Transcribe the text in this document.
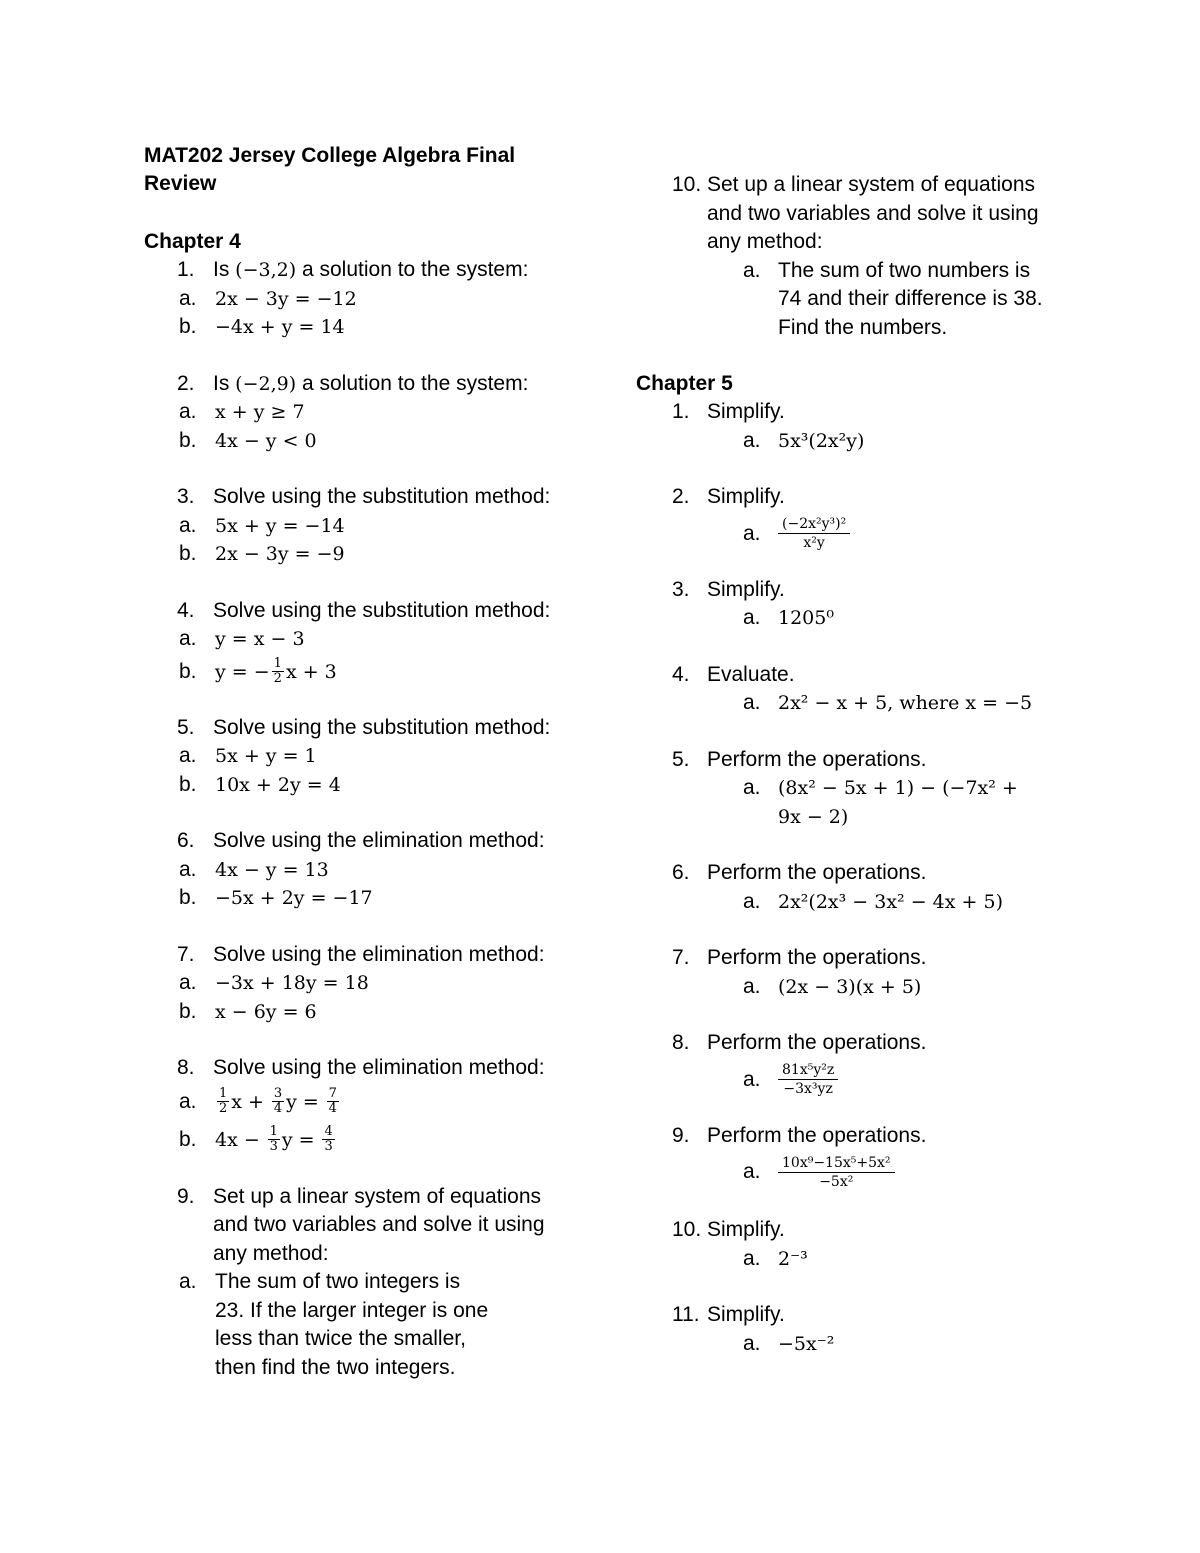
MAT202 Jersey College Algebra Final
Review

Chapter 4

1. Is (−3,2) a solution to the system:
a. 2x − 3y = −12
b. −4x + y = 14
2. Is (−2,9) a solution to the system:
a. x + y ≥ 7
b. 4x − y < 0
3. Solve using the substitution method:
a. 5x + y = −14
b. 2x − 3y = −9
4. Solve using the substitution method:
a. y = x − 3
b. y = − $\frac{1}{2}$ x + 3
5. Solve using the substitution method:
a. 5x + y = 1
b. 10x + 2y = 4
6. Solve using the elimination method:
a. 4x − y = 13
b. −5x + 2y = −17
7. Solve using the elimination method:
a. −3x + 18y = 18
b. x − 6y = 6
8. Solve using the elimination method:
a. $\frac{1}{2}$ $x + \frac{3}{4}$ $y = \frac{7}{4}$
b. $4x - \frac{1}{3}$ $y = \frac{4}{3}$
9. Set up a linear system of equations
and two variables and solve it using
any method:
a. The sum of two integers is
23. If the larger integer is one
less than twice the smaller,
then find the two integers.
10. Set up a linear system of equations
and two variables and solve it using
any method:
a. The sum of two numbers is
74 and their difference is 38.
Find the numbers.

Chapter 5

1. Simplify.
a. 5x³(2x²y)
2. Simplify.
a. $\frac{\text{(−2x²y³)²}}{\text{x²y}}$
3. Simplify.
a. 1205⁰
4. Evaluate.
a. 2x² − x + 5, where x = −5
5. Perform the operations.
a. (8x² − 5x + 1) − (−7x² +
9x − 2)
6. Perform the operations.
a. 2x²(2x³ − 3x² − 4x + 5)
7. Perform the operations.
a. (2x − 3)(x + 5)
8. Perform the operations.
a. $\frac{\text{81x⁵y²z}}{\text{−3x³yz}}$
9. Perform the operations.
a. $\frac{\text{10x⁹−15x⁵+5x²}}{\text{−5x²}}$
10. Simplify.
a. 2⁻³
11. Simplify.
a. −5x⁻²
